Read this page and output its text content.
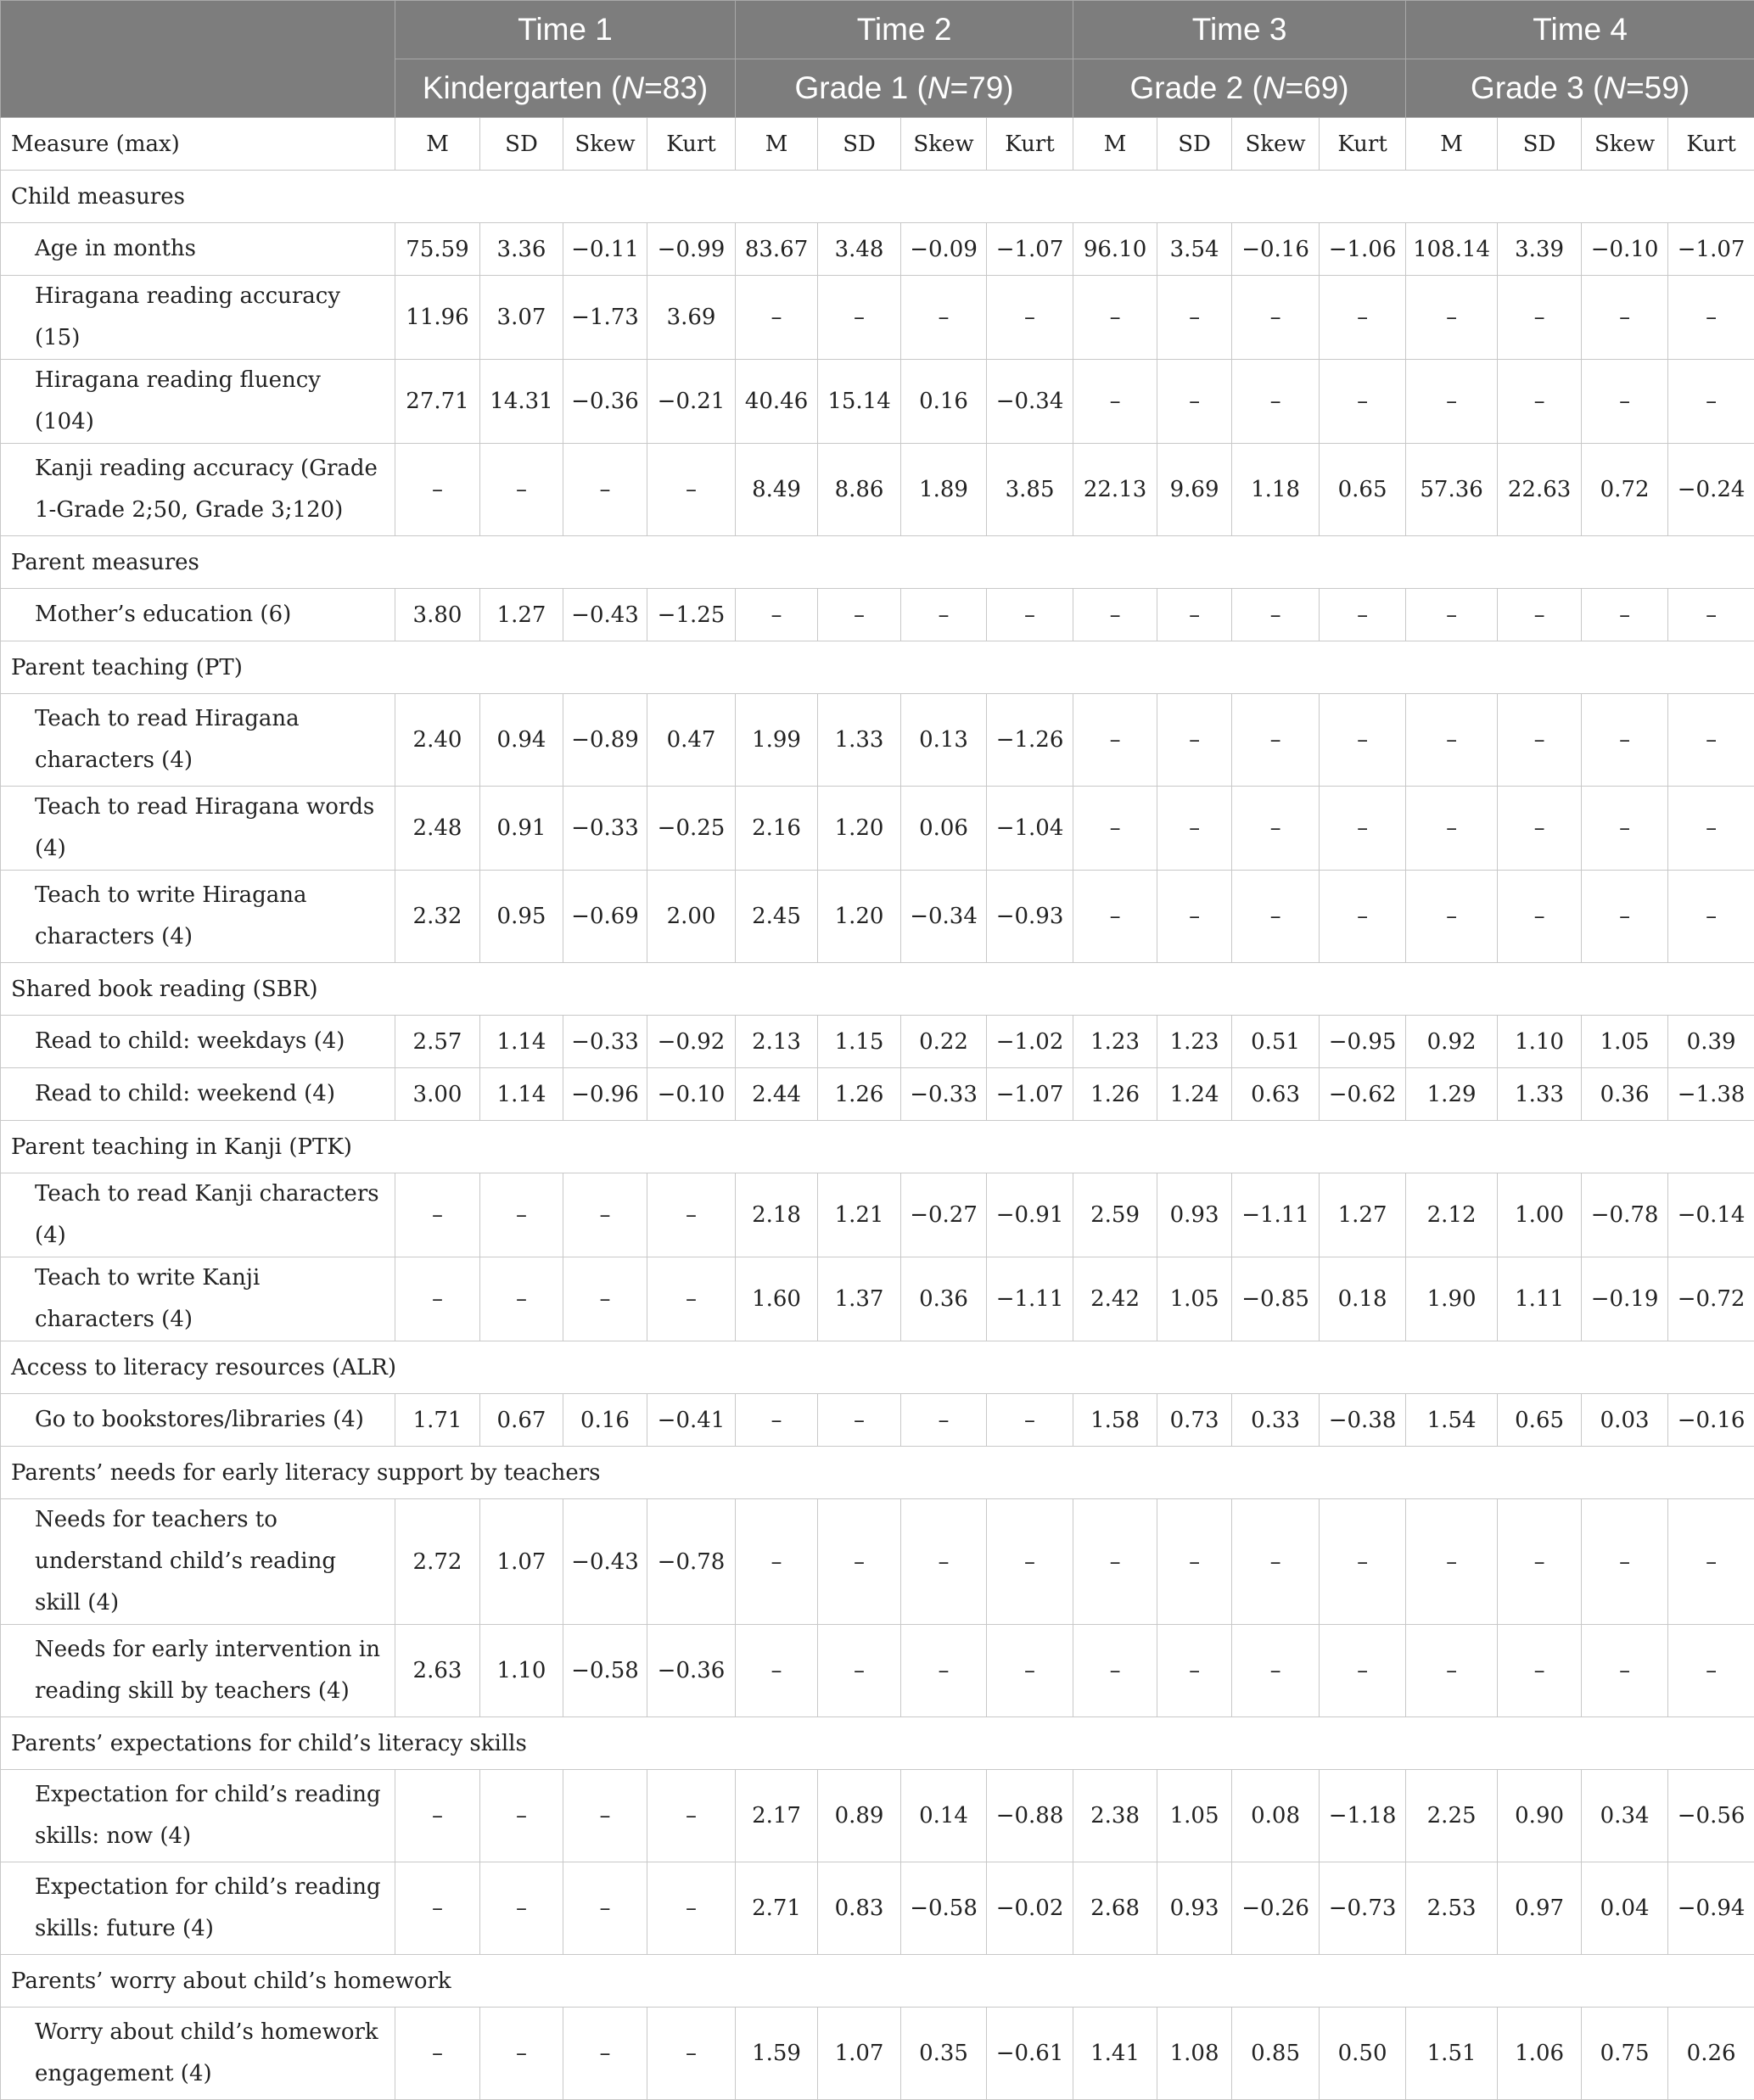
	Time 1				Time 2				Time 3				Time 4			
	Kindergarten (N=83)				Grade 1 (N=79)				Grade 2 (N=69)				Grade 3 (N=59)			
Measure (max)	M	SD	Skew	Kurt	M	SD	Skew	Kurt	M	SD	Skew	Kurt	M	SD	Skew	Kurt
Child measures																
Age in months	75.59	3.36	−0.11	−0.99	83.67	3.48	−0.09	−1.07	96.10	3.54	−0.16	−1.06	108.14	3.39	−0.10	−1.07
Hiragana reading accuracy (15)	11.96	3.07	−1.73	3.69	–	–	–	–	–	–	–	–	–	–	–	–
Hiragana reading fluency (104)	27.71	14.31	−0.36	−0.21	40.46	15.14	0.16	−0.34	–	–	–	–	–	–	–	–
Kanji reading accuracy (Grade 1-Grade 2;50, Grade 3;120)	–	–	–	–	8.49	8.86	1.89	3.85	22.13	9.69	1.18	0.65	57.36	22.63	0.72	−0.24
Parent measures																
Mother’s education (6)	3.80	1.27	−0.43	−1.25	–	–	–	–	–	–	–	–	–	–	–	–
Parent teaching (PT)																
Teach to read Hiragana characters (4)	2.40	0.94	−0.89	0.47	1.99	1.33	0.13	−1.26	–	–	–	–	–	–	–	–
Teach to read Hiragana words (4)	2.48	0.91	−0.33	−0.25	2.16	1.20	0.06	−1.04	–	–	–	–	–	–	–	–
Teach to write Hiragana characters (4)	2.32	0.95	−0.69	2.00	2.45	1.20	−0.34	−0.93	–	–	–	–	–	–	–	–
Shared book reading (SBR)																
Read to child: weekdays (4)	2.57	1.14	−0.33	−0.92	2.13	1.15	0.22	−1.02	1.23	1.23	0.51	−0.95	0.92	1.10	1.05	0.39
Read to child: weekend (4)	3.00	1.14	−0.96	−0.10	2.44	1.26	−0.33	−1.07	1.26	1.24	0.63	−0.62	1.29	1.33	0.36	−1.38
Parent teaching in Kanji (PTK)																
Teach to read Kanji characters (4)	–	–	–	–	2.18	1.21	−0.27	−0.91	2.59	0.93	−1.11	1.27	2.12	1.00	−0.78	−0.14
Teach to write Kanji characters (4)	–	–	–	–	1.60	1.37	0.36	−1.11	2.42	1.05	−0.85	0.18	1.90	1.11	−0.19	−0.72
Access to literacy resources (ALR)																
Go to bookstores/libraries (4)	1.71	0.67	0.16	−0.41	–	–	–	–	1.58	0.73	0.33	−0.38	1.54	0.65	0.03	−0.16
Parents’ needs for early literacy support by teachers																
Needs for teachers to understand child’s reading skill (4)	2.72	1.07	−0.43	−0.78	–	–	–	–	–	–	–	–	–	–	–	–
Needs for early intervention in reading skill by teachers (4)	2.63	1.10	−0.58	−0.36	–	–	–	–	–	–	–	–	–	–	–	–
Parents’ expectations for child’s literacy skills																
Expectation for child’s reading skills: now (4)	–	–	–	–	2.17	0.89	0.14	−0.88	2.38	1.05	0.08	−1.18	2.25	0.90	0.34	−0.56
Expectation for child’s reading skills: future (4)	–	–	–	–	2.71	0.83	−0.58	−0.02	2.68	0.93	−0.26	−0.73	2.53	0.97	0.04	−0.94
Parents’ worry about child’s homework																
Worry about child’s homework engagement (4)	–	–	–	–	1.59	1.07	0.35	−0.61	1.41	1.08	0.85	0.50	1.51	1.06	0.75	0.26
